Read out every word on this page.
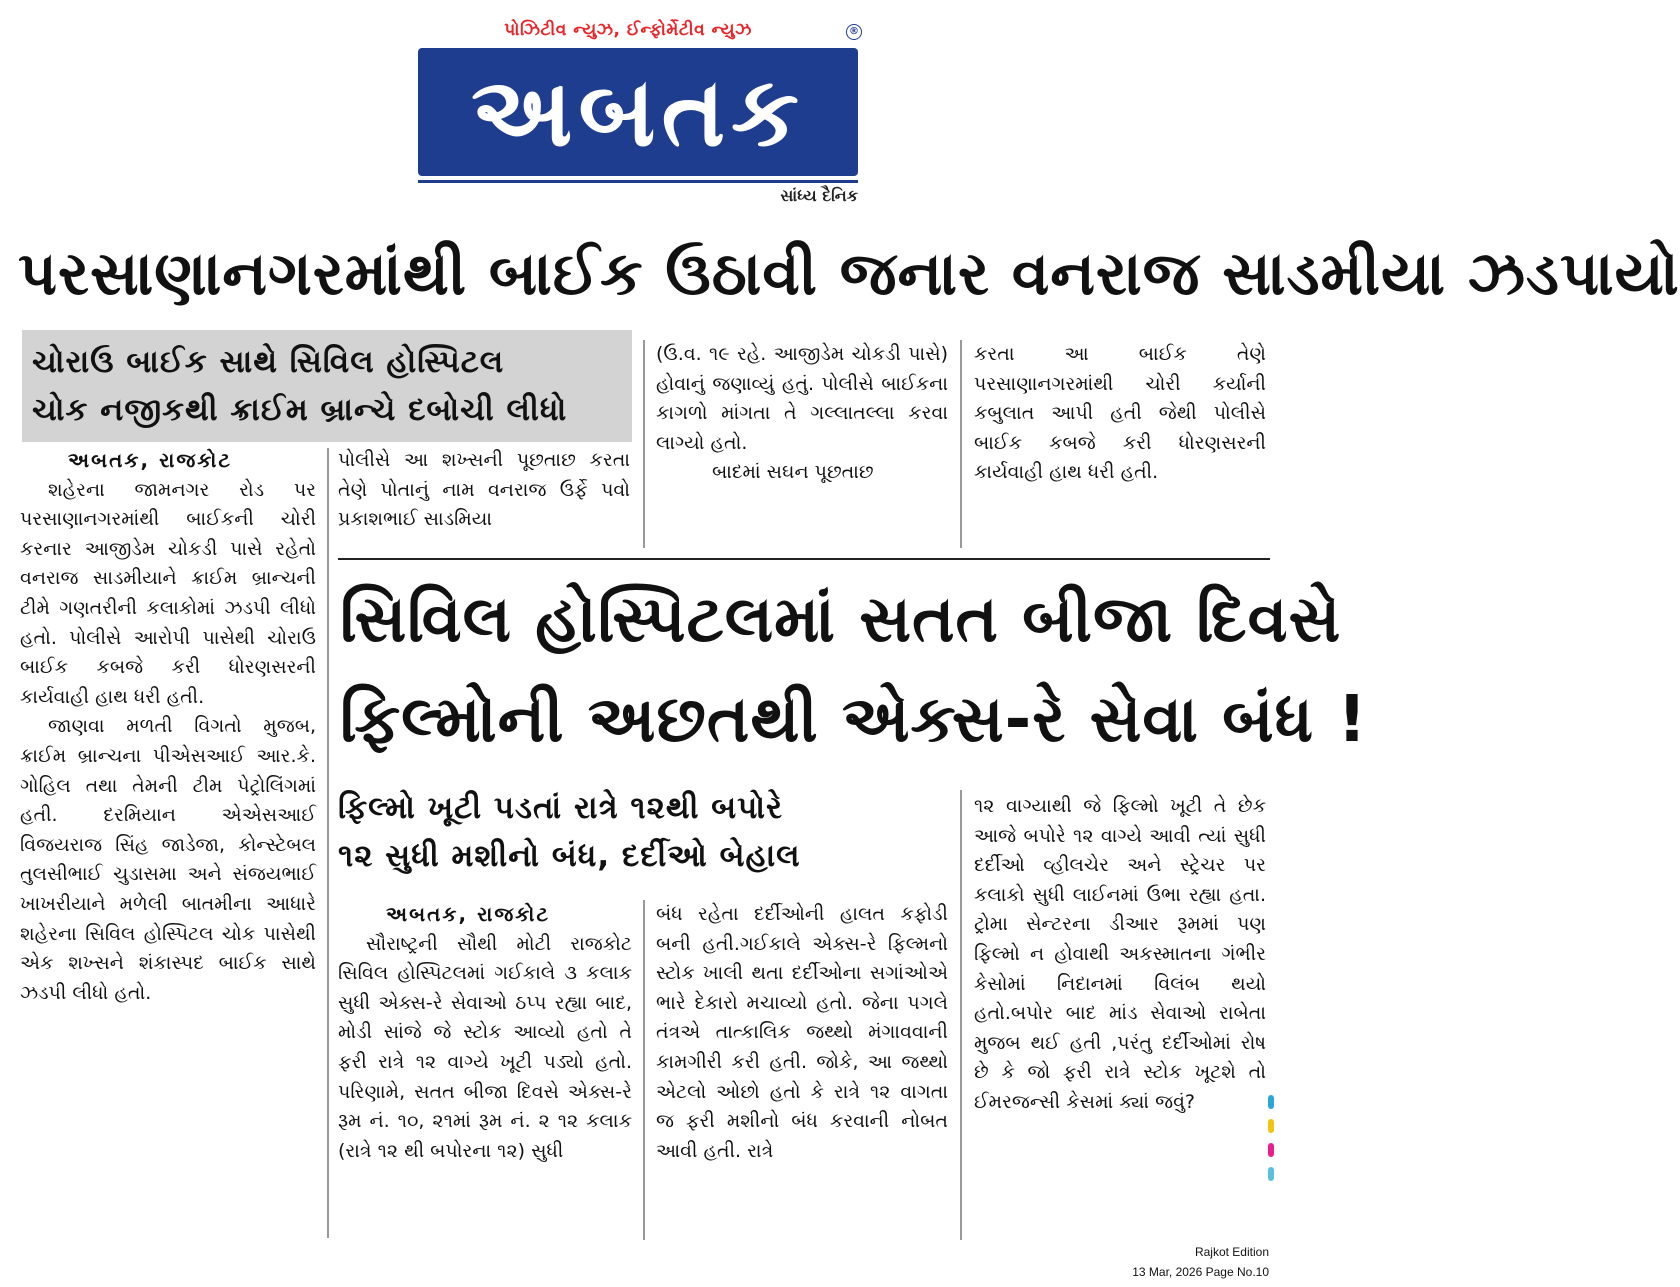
પોઝિટીવ ન્યુઝ, ઈન્ફોર્મેટીવ ન્યુઝ	®
અબતક
સાંધ્ય દૈનિક
પરસાણાનગરમાંથી બાઈક ઉઠાવી જનાર વનરાજ સાડમીયા ઝડપાયો
ચોરાઉ બાઈક સાથે સિવિલ હોસ્પિટલ
ચોક નજીકથી ક્રાઈમ બ્રાન્ચે દબોચી લીધો

અબતક, રાજકોટ

શહેરના જામનગર રોડ પર પરસાણાનગરમાંથી બાઈકની ચોરી કરનાર આજીડેમ ચોકડી પાસે રહેતો વનરાજ સાડમીયાને ક્રાઈમ બ્રાન્ચની ટીમે ગણતરીની કલાકોમાં ઝડપી લીધો હતો. પોલીસે આરોપી પાસેથી ચોરાઉ બાઈક કબજે કરી ધોરણસરની કાર્યવાહી હાથ ધરી હતી.

જાણવા મળતી વિગતો મુજબ, ક્રાઈમ બ્રાન્ચના પીએસઆઈ આર.કે. ગોહિલ તથા તેમની ટીમ પેટ્રોલિંગમાં હતી. દરમિયાન એએસઆઈ વિજયરાજ સિંહ જાડેજા, કોન્સ્ટેબલ તુલસીભાઈ ચુડાસમા અને સંજયભાઈ ખાખરીયાને મળેલી બાતમીના આધારે શહેરના સિવિલ હોસ્પિટલ ચોક પાસેથી એક શખ્સને શંકાસ્પદ બાઈક સાથે ઝડપી લીધો હતો.

પોલીસે આ શખ્સની પૂછતાછ કરતા તેણે પોતાનું નામ વનરાજ ઉર્ફે પવો પ્રકાશભાઈ સાડમિયા

(ઉ.વ. ૧૯ રહે. આજીડેમ ચોકડી પાસે) હોવાનું જણાવ્યું હતું. પોલીસે બાઈકના કાગળો માંગતા તે ગલ્લાતલ્લા કરવા લાગ્યો હતો.

બાદમાં સઘન પૂછતાછ

કરતા આ બાઈક તેણે પરસાણાનગરમાંથી ચોરી કર્યાની કબુલાત આપી હતી જેથી પોલીસે બાઈક કબજે કરી ધોરણસરની કાર્યવાહી હાથ ધરી હતી.

સિવિલ હોસ્પિટલમાં સતત બીજા દિવસે
ફિલ્મોની અછતથી એક્સ-રે સેવા બંધ !
ફિલ્મો ખૂટી પડતાં રાત્રે ૧૨થી બપોરે
૧૨ સુધી મશીનો બંધ, દર્દીઓ બેહાલ

અબતક, રાજકોટ

સૌરાષ્ટ્રની સૌથી મોટી રાજકોટ સિવિલ હોસ્પિટલમાં ગઈકાલે ૩ કલાક સુધી એક્સ-રે સેવાઓ ઠપ્પ રહ્યા બાદ, મોડી સાંજે જે સ્ટોક આવ્યો હતો તે ફરી રાત્રે ૧૨ વાગ્યે ખૂટી પડ્યો હતો. પરિણામે, સતત બીજા દિવસે એક્સ-રે રૂમ નં. ૧૦, ૨૧માં રૂમ નં. ૨ ૧૨ કલાક (રાત્રે ૧૨ થી બપોરના ૧૨) સુધી

બંધ રહેતા દર્દીઓની હાલત કફોડી બની હતી.ગઈકાલે એક્સ-રે ફિલ્મનો સ્ટોક ખાલી થતા દર્દીઓના સગાંઓએ ભારે દેકારો મચાવ્યો હતો. જેના પગલે તંત્રએ તાત્કાલિક જથ્થો મંગાવવાની કામગીરી કરી હતી. જોકે, આ જથ્થો એટલો ઓછો હતો કે રાત્રે ૧૨ વાગતા જ ફરી મશીનો બંધ કરવાની નોબત આવી હતી. રાત્રે

૧૨ વાગ્યાથી જે ફિલ્મો ખૂટી તે છેક આજે બપોરે ૧૨ વાગ્યે આવી ત્યાં સુધી દર્દીઓ વ્હીલચેર અને સ્ટ્રેચર પર કલાકો સુધી લાઈનમાં ઉભા રહ્યા હતા. ટ્રોમા સેન્ટરના ડીઆર રૂમમાં પણ ફિલ્મો ન હોવાથી અકસ્માતના ગંભીર કેસોમાં નિદાનમાં વિલંબ થયો હતો.બપોર બાદ માંડ સેવાઓ રાબેતા મુજબ થઈ હતી ,પરંતુ દર્દીઓમાં રોષ છે કે જો ફરી રાત્રે સ્ટોક ખૂટશે તો ઈમરજન્સી કેસમાં ક્યાં જવું?

Rajkot Edition
13 Mar, 2026 Page No.10
